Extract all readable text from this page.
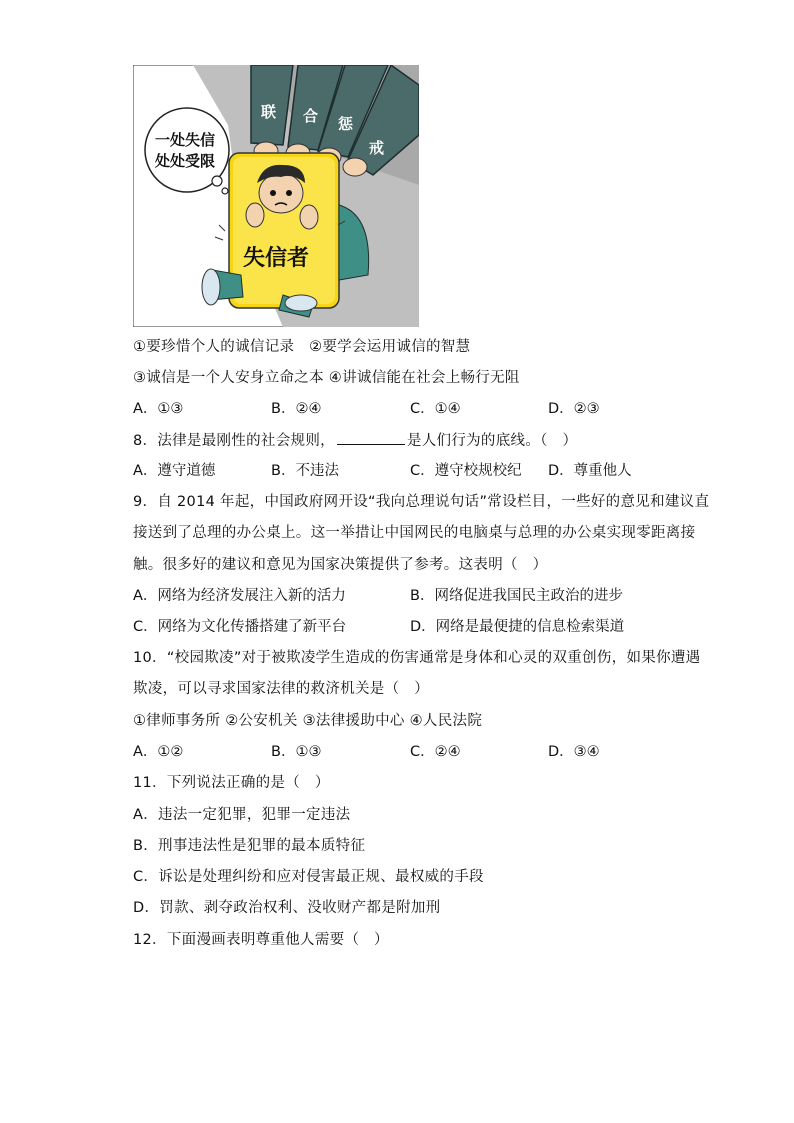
联 合 惩
戒
失信者
一处失信
处处受限
①要珍惜个人的诚信记录　②要学会运用诚信的智慧
③诚信是一个人安身立命之本 ④讲诚信能在社会上畅行无阻
A．①③	B．②④	C．①④	D．②③
8．法律是最刚性的社会规则，	是人们行为的底线。（　）
A．遵守道德	B．不违法	C．遵守校规校纪 D．尊重他人
9．自 2014 年起，中国政府网开设“我向总理说句话”常设栏目，一些好的意见和建议直
接送到了总理的办公桌上。这一举措让中国网民的电脑桌与总理的办公桌实现零距离接
触。很多好的建议和意见为国家决策提供了参考。这表明（　）
A．网络为经济发展注入新的活力	B．网络促进我国民主政治的进步
C．网络为文化传播搭建了新平台	D．网络是最便捷的信息检索渠道
10．“校园欺凌”对于被欺凌学生造成的伤害通常是身体和心灵的双重创伤，如果你遭遇
欺凌，可以寻求国家法律的救济机关是（　）
①律师事务所 ②公安机关 ③法律援助中心 ④人民法院
A．①②	B．①③	C．②④	D．③④
11．下列说法正确的是（　）
A．违法一定犯罪，犯罪一定违法
B．刑事违法性是犯罪的最本质特征
C．诉讼是处理纠纷和应对侵害最正规、最权威的手段
D．罚款、剥夺政治权利、没收财产都是附加刑
12．下面漫画表明尊重他人需要（　）
